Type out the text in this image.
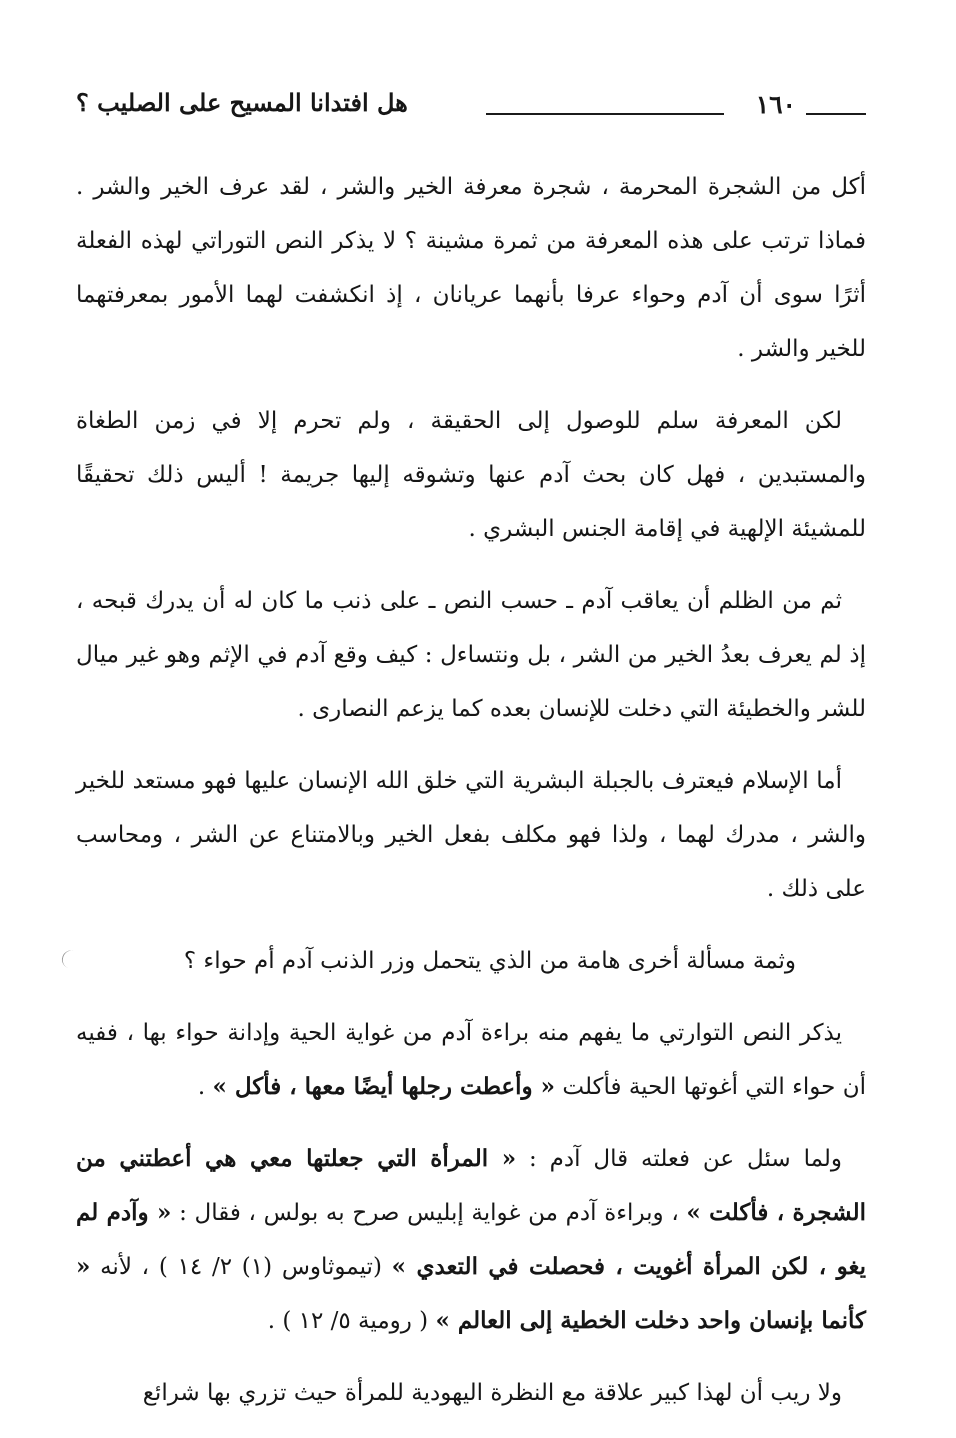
١٦٠
هل افتدانا المسيح على الصليب ؟

أكل من الشجرة المحرمة ، شجرة معرفة الخير والشر ، لقد عرف الخير والشر . فماذا ترتب على هذه المعرفة من ثمرة مشينة ؟ لا يذكر النص التوراتي لهذه الفعلة أثرًا سوى أن آدم وحواء عرفا بأنهما عريانان ، إذ انكشفت لهما الأمور بمعرفتهما للخير والشر .

لكن المعرفة سلم للوصول إلى الحقيقة ، ولم تحرم إلا في زمن الطغاة والمستبدين ، فهل كان بحث آدم عنها وتشوقه إليها جريمة ! أليس ذلك تحقيقًا للمشيئة الإلهية في إقامة الجنس البشري .

ثم من الظلم أن يعاقب آدم ـ حسب النص ـ على ذنب ما كان له أن يدرك قبحه ، إذ لم يعرف بعدُ الخير من الشر ، بل ونتساءل : كيف وقع آدم في الإثم وهو غير ميال للشر والخطيئة التي دخلت للإنسان بعده كما يزعم النصارى .

أما الإسلام فيعترف بالجبلة البشرية التي خلق الله الإنسان عليها فهو مستعد للخير والشر ، مدرك لهما ، ولذا فهو مكلف بفعل الخير وبالامتناع عن الشر ، ومحاسب على ذلك .

وثمة مسألة أخرى هامة من الذي يتحمل وزر الذنب آدم أم حواء ؟

يذكر النص التوارتي ما يفهم منه براءة آدم من غواية الحية وإدانة حواء بها ، ففيه أن حواء التي أغوتها الحية فأكلت « وأعطت رجلها أيضًا معها ، فأكل » .

ولما سئل عن فعلته قال آدم : « المرأة التي جعلتها معي هي أعطتني من الشجرة ، فأكلت » ، وبراءة آدم من غواية إبليس صرح به بولس ، فقال : « وآدم لم يغو ، لكن المرأة أغويت ، فحصلت في التعدي » (تيموثاوس (١) ٢/ ١٤ ) ، لأنه « كأنما بإنسان واحد دخلت الخطية إلى العالم » ( رومية ٥/ ١٢ ) .

ولا ريب أن لهذا كبير علاقة مع النظرة اليهودية للمرأة حيث تزري بها شرائع
